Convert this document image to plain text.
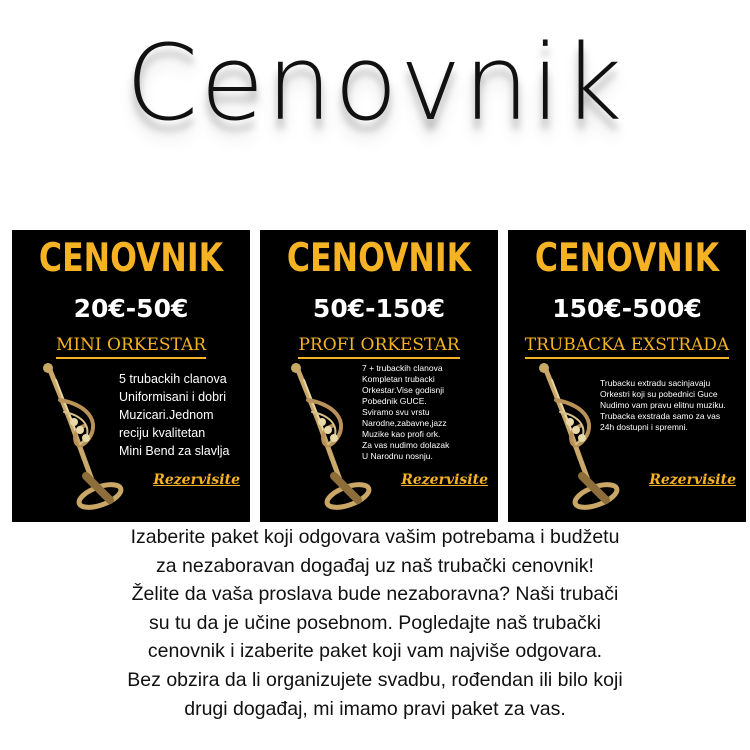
Cenovnik
CENOVNIK
20€-50€
MINI ORKESTAR
5 trubackih clanova
Uniformisani i dobri
Muzicari.Jednom
reciju kvalitetan
Mini Bend za slavlja
Rezervisite
CENOVNIK
50€-150€
PROFI ORKESTAR
7 + trubackih clanova
Kompletan trubacki
Orkestar.Vise godisnji
Pobednik GUCE.
Sviramo svu vrstu
Narodne,zabavne,jazz
Muzike kao profi ork.
Za vas nudimo dolazak
U Narodnu nosnju.
Rezervisite
CENOVNIK
150€-500€
TRUBACKA EXSTRADA
Trubacku extradu sacinjavaju
Orkestri koji su pobednici Guce
Nudimo vam pravu elitnu muziku.
Trubacka exstrada samo za vas
24h dostupni i spremni.
Rezervisite
Izaberite paket koji odgovara vašim potrebama i budžetu
za nezaboravan događaj uz naš trubački cenovnik!
Želite da vaša proslava bude nezaboravna? Naši trubači
su tu da je učine posebnom. Pogledajte naš trubački
cenovnik i izaberite paket koji vam najviše odgovara.
Bez obzira da li organizujete svadbu, rođendan ili bilo koji
drugi događaj, mi imamo pravi paket za vas.
